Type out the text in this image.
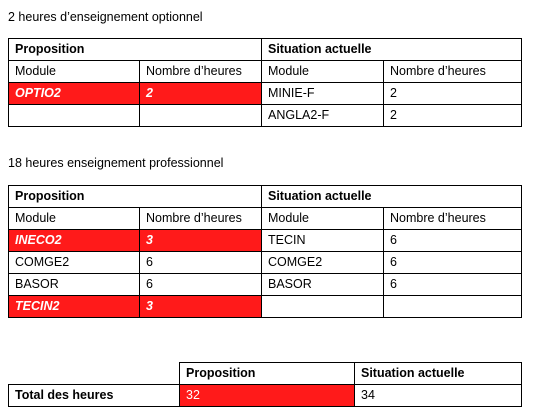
2 heures d’enseignement optionnel
Proposition		Situation actuelle	
Module	Nombre d’heures	Module	Nombre d’heures
OPTIO2	2	MINIE-F	2
		ANGLA2-F	2
18 heures enseignement professionnel
Proposition		Situation actuelle	
Module	Nombre d’heures	Module	Nombre d’heures
INECO2	3	TECIN	6
COMGE2	6	COMGE2	6
BASOR	6	BASOR	6
TECIN2	3		
	Proposition	Situation actuelle
Total des heures	32	34
